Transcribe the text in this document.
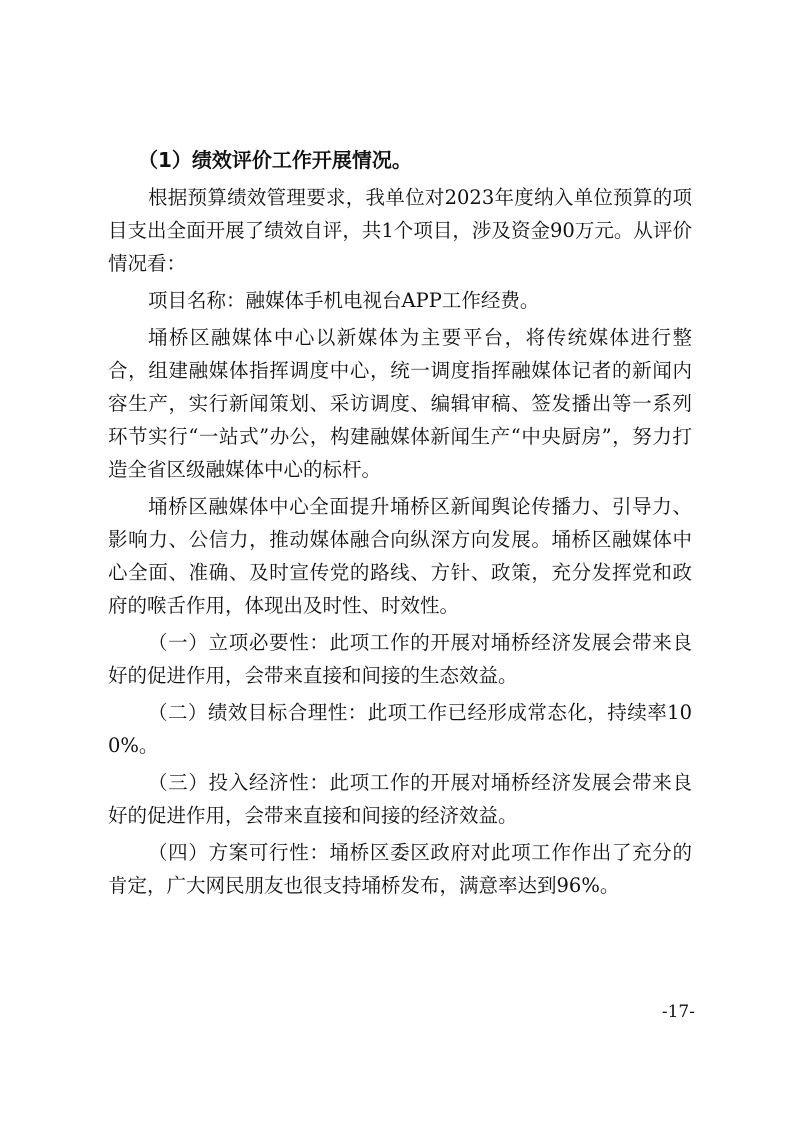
（1）绩效评价工作开展情况。

根据预算绩效管理要求，我单位对2023年度纳入单位预算的项目支出全面开展了绩效自评，共1个项目，涉及资金90万元。从评价情况看：

项目名称：融媒体手机电视台APP工作经费。

埇桥区融媒体中心以新媒体为主要平台，将传统媒体进行整合，组建融媒体指挥调度中心，统一调度指挥融媒体记者的新闻内容生产，实行新闻策划、采访调度、编辑审稿、签发播出等一系列环节实行“一站式”办公，构建融媒体新闻生产“中央厨房”，努力打造全省区级融媒体中心的标杆。

埇桥区融媒体中心全面提升埇桥区新闻舆论传播力、引导力、影响力、公信力，推动媒体融合向纵深方向发展。埇桥区融媒体中心全面、准确、及时宣传党的路线、方针、政策，充分发挥党和政府的喉舌作用，体现出及时性、时效性。

（一）立项必要性：此项工作的开展对埇桥经济发展会带来良好的促进作用，会带来直接和间接的生态效益。

（二）绩效目标合理性：此项工作已经形成常态化，持续率100%。

（三）投入经济性：此项工作的开展对埇桥经济发展会带来良好的促进作用，会带来直接和间接的经济效益。

（四）方案可行性：埇桥区委区政府对此项工作作出了充分的肯定，广大网民朋友也很支持埇桥发布，满意率达到96%。

-17-
